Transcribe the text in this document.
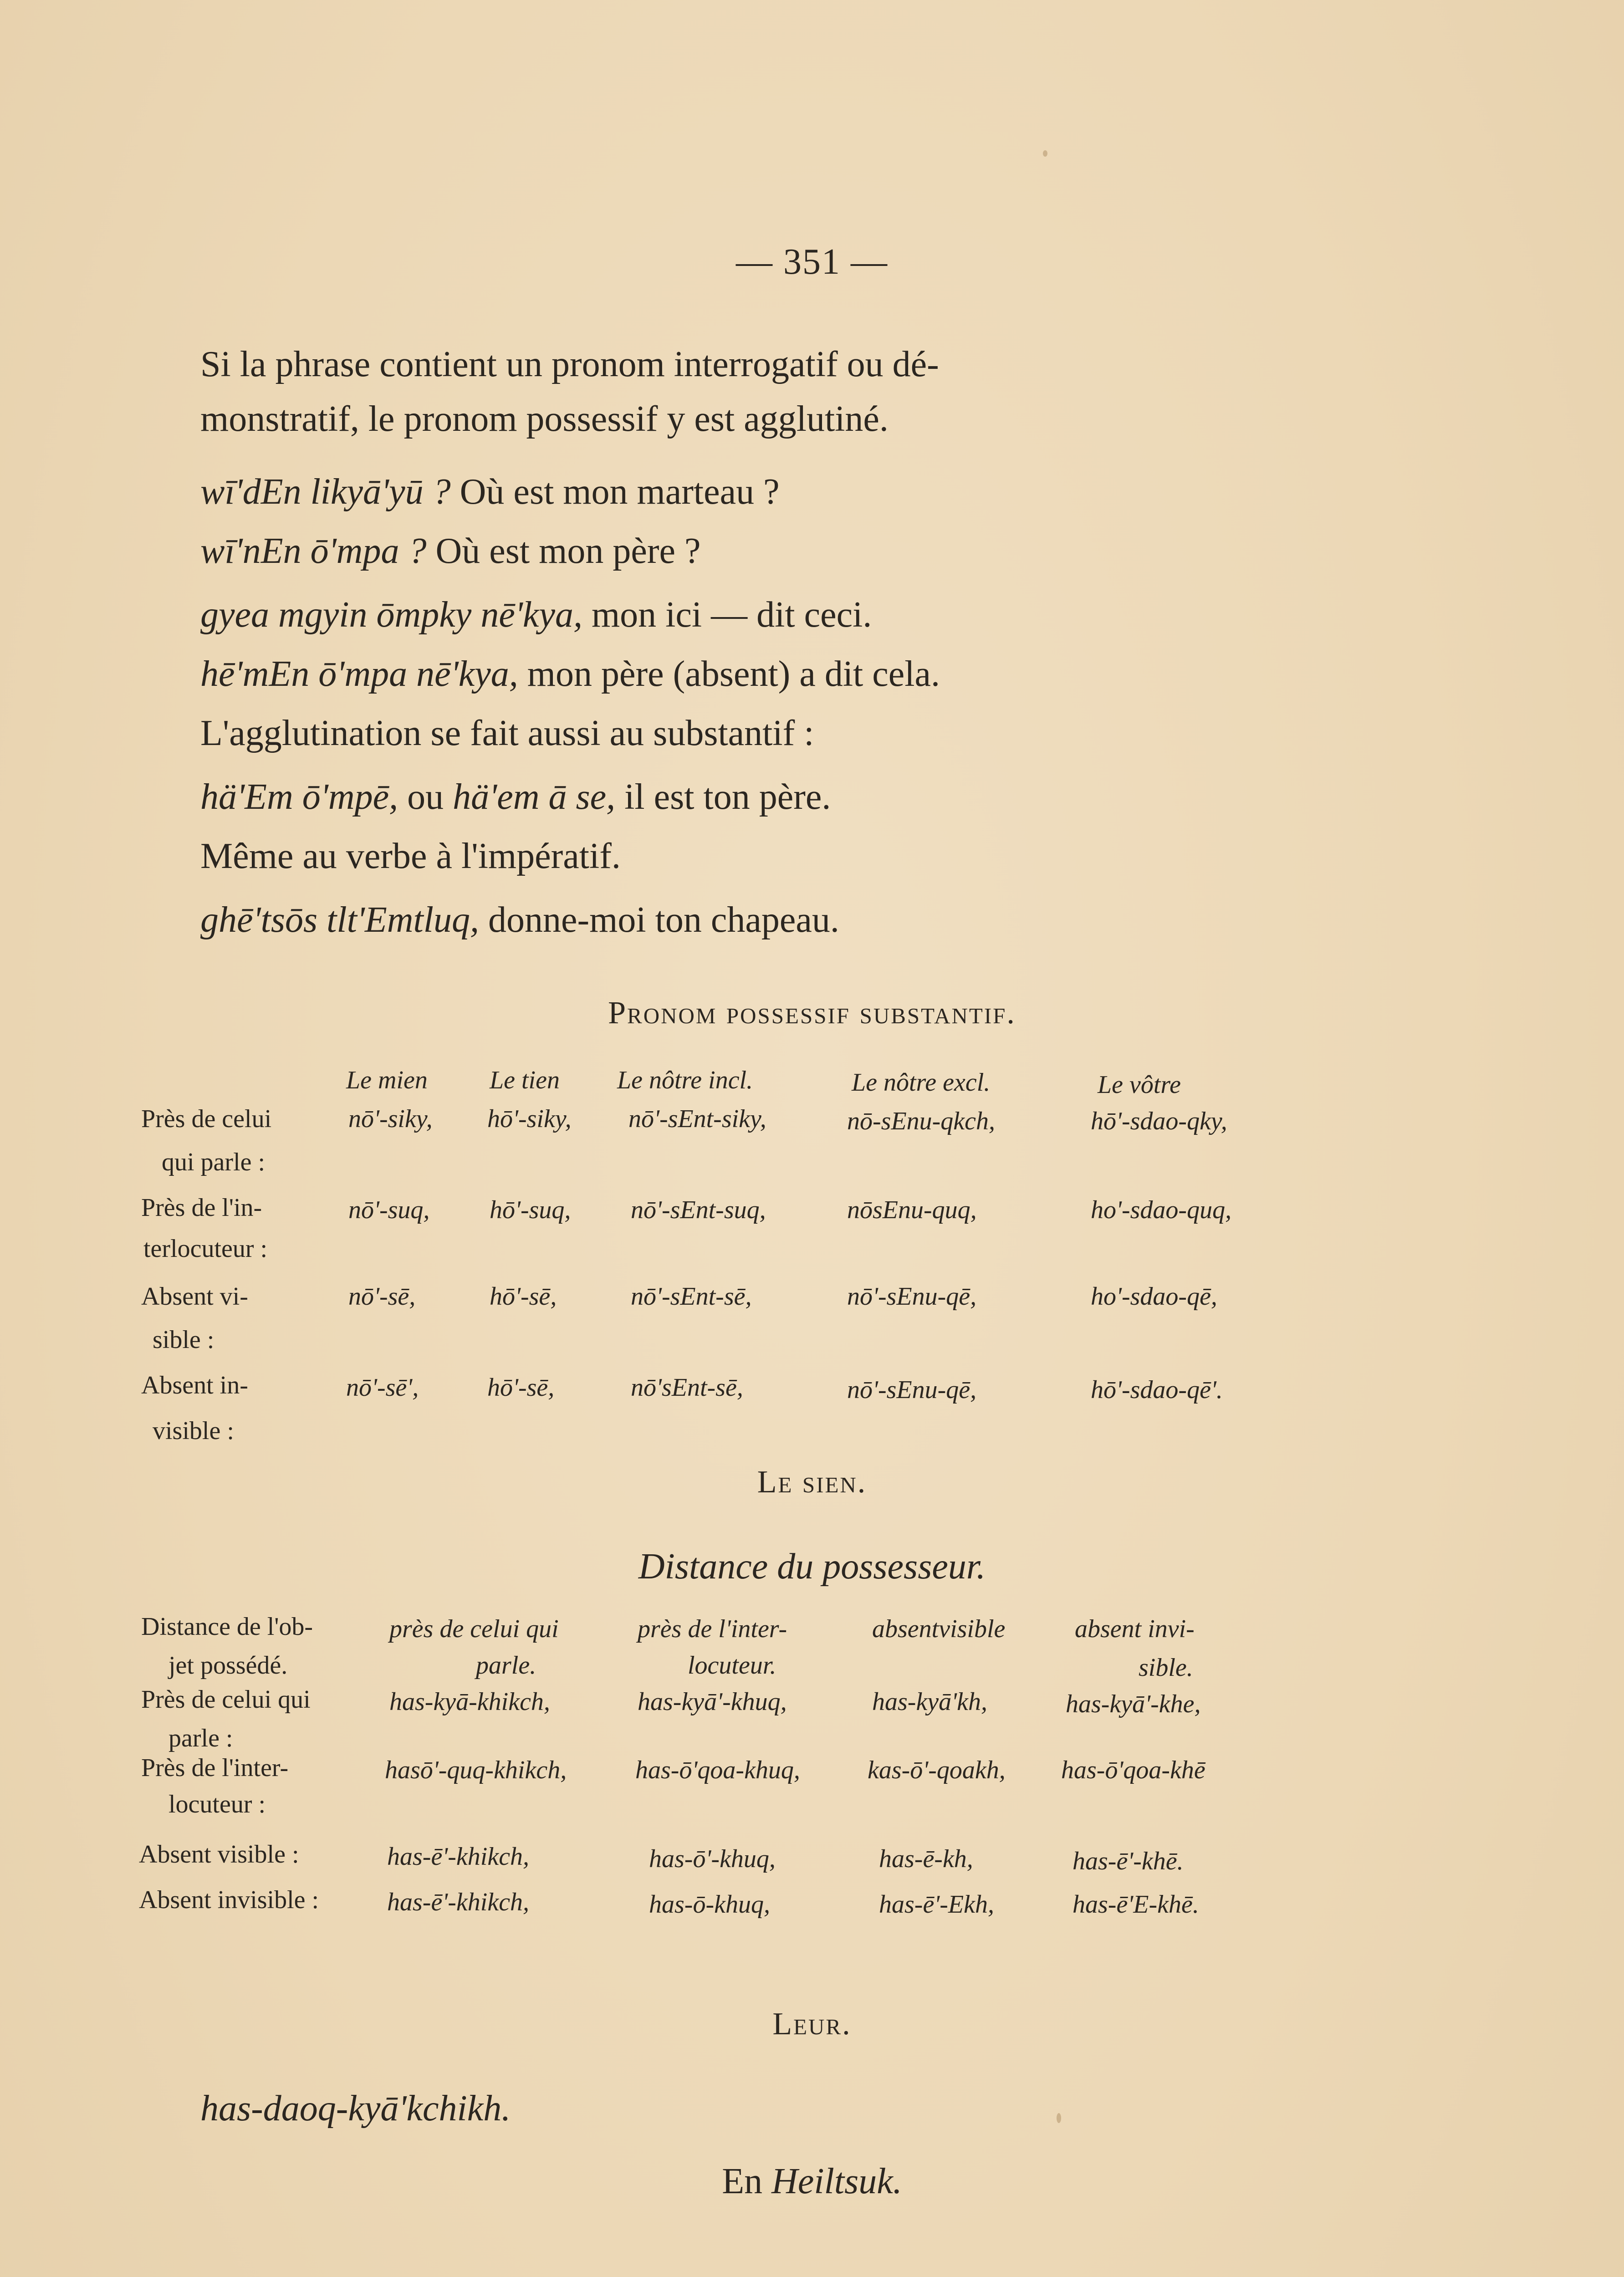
— 351 —
Si la phrase contient un pronom interrogatif ou dé-
monstratif, le pronom possessif y est agglutiné.
wī'dEn likyā'yū ? Où est mon marteau ?
wī'nEn ō'mpa ? Où est mon père ?
gyea mgyin ōmpky nē'kya, mon ici — dit ceci.
hē'mEn ō'mpa nē'kya, mon père (absent) a dit cela.
L'agglutination se fait aussi au substantif :
hä'Em ō'mpē, ou hä'em ā se, il est ton père.
Même au verbe à l'impératif.
ghē'tsōs tlt'Emtluq, donne-moi ton chapeau.
Pronom possessif substantif.
Le mien Le tien Le nôtre incl.	Le nôtre excl.	Le vôtre
Près de celui
qui parle :
nō'-siky, hō'-siky, nō'-sEnt-siky,	nō-sEnu-qkch,	hō'-sdao-qky,
Près de l'in-
terlocuteur :
nō'-suq, hō'-suq, nō'-sEnt-suq,	nōsEnu-quq,	ho'-sdao-quq,
Absent vi-
sible :
nō'-sē,	hō'-sē,	nō'-sEnt-sē,	nō'-sEnu-qē,	ho'-sdao-qē,
Absent in-
visible :
nō'-sē',	hō'-sē,	nō'sEnt-sē,	nō'-sEnu-qē,	hō'-sdao-qē'.
Le sien.
Distance du possesseur.
Distance de l'ob-
jet possédé.
près de celui qui	près de l'inter-	absentvisible	absent invi-
parle.	locuteur.	sible.
Près de celui qui
parle :
has-kyā-khikch,	has-kyā'-khuq,	has-kyā'kh,	has-kyā'-khe,
Près de l'inter-
locuteur :
hasō'-quq-khikch,	has-ō'qoa-khuq,	kas-ō'-qoakh, has-ō'qoa-khē
Absent visible :	has-ē'-khikch,	has-ō'-khuq,	has-ē-kh,	has-ē'-khē.
Absent invisible :	has-ē'-khikch,	has-ō-khuq,	has-ē'-Ekh,	has-ē'E-khē.
Leur.
has-daoq-kyā'kchikh.
En Heiltsuk.
